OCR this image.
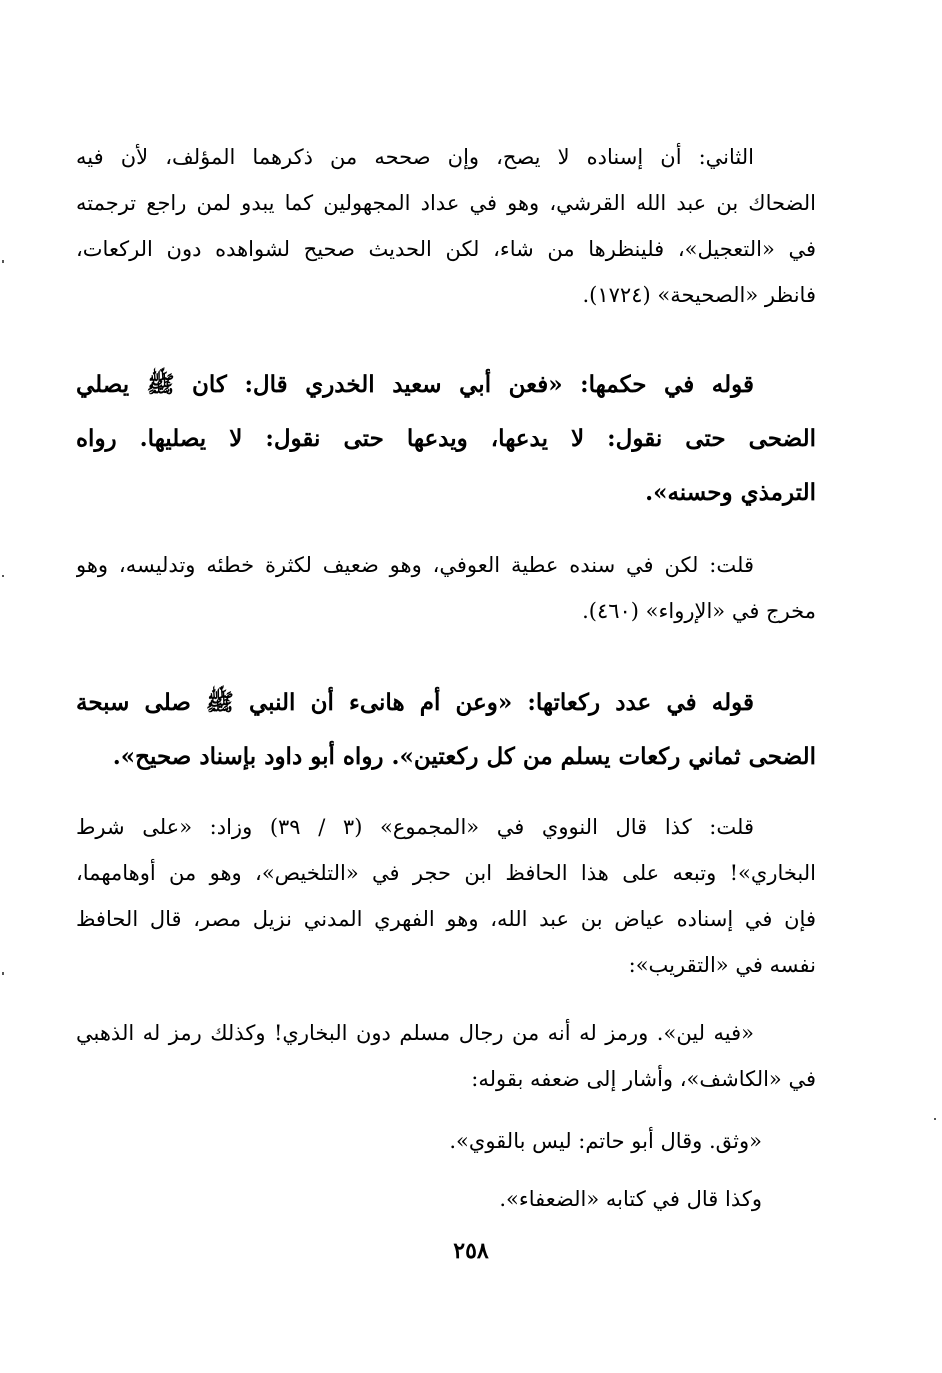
الثاني: أن إسناده لا يصح، وإن صححه من ذكرهما المؤلف، لأن فيه
الضحاك بن عبد الله القرشي، وهو في عداد المجهولين كما يبدو لمن راجع ترجمته
في «التعجيل»، فلينظرها من شاء، لكن الحديث صحيح لشواهده دون الركعات،
فانظر «الصحيحة» (١٧٢٤).
قوله في حكمها: «فعن أبي سعيد الخدري قال: كان ﷺ يصلي
الضحى حتى نقول: لا يدعها، ويدعها حتى نقول: لا يصليها. رواه
الترمذي وحسنه».
قلت: لكن في سنده عطية العوفي، وهو ضعيف لكثرة خطئه وتدليسه، وهو
مخرج في «الإرواء» (٤٦٠).
قوله في عدد ركعاتها: «وعن أم هانىء أن النبي ﷺ صلى سبحة
الضحى ثماني ركعات يسلم من كل ركعتين». رواه أبو داود بإسناد صحيح».
قلت: كذا قال النووي في «المجموع» (٣ / ٣٩) وزاد: «على شرط
البخاري»! وتبعه على هذا الحافظ ابن حجر في «التلخيص»، وهو من أوهامهما،
فإن في إسناده عياض بن عبد الله، وهو الفهري المدني نزيل مصر، قال الحافظ
نفسه في «التقريب»:
«فيه لين». ورمز له أنه من رجال مسلم دون البخاري! وكذلك رمز له الذهبي
في «الكاشف»، وأشار إلى ضعفه بقوله:
«وثق. وقال أبو حاتم: ليس بالقوي».
وكذا قال في كتابه «الضعفاء».
٢٥٨
